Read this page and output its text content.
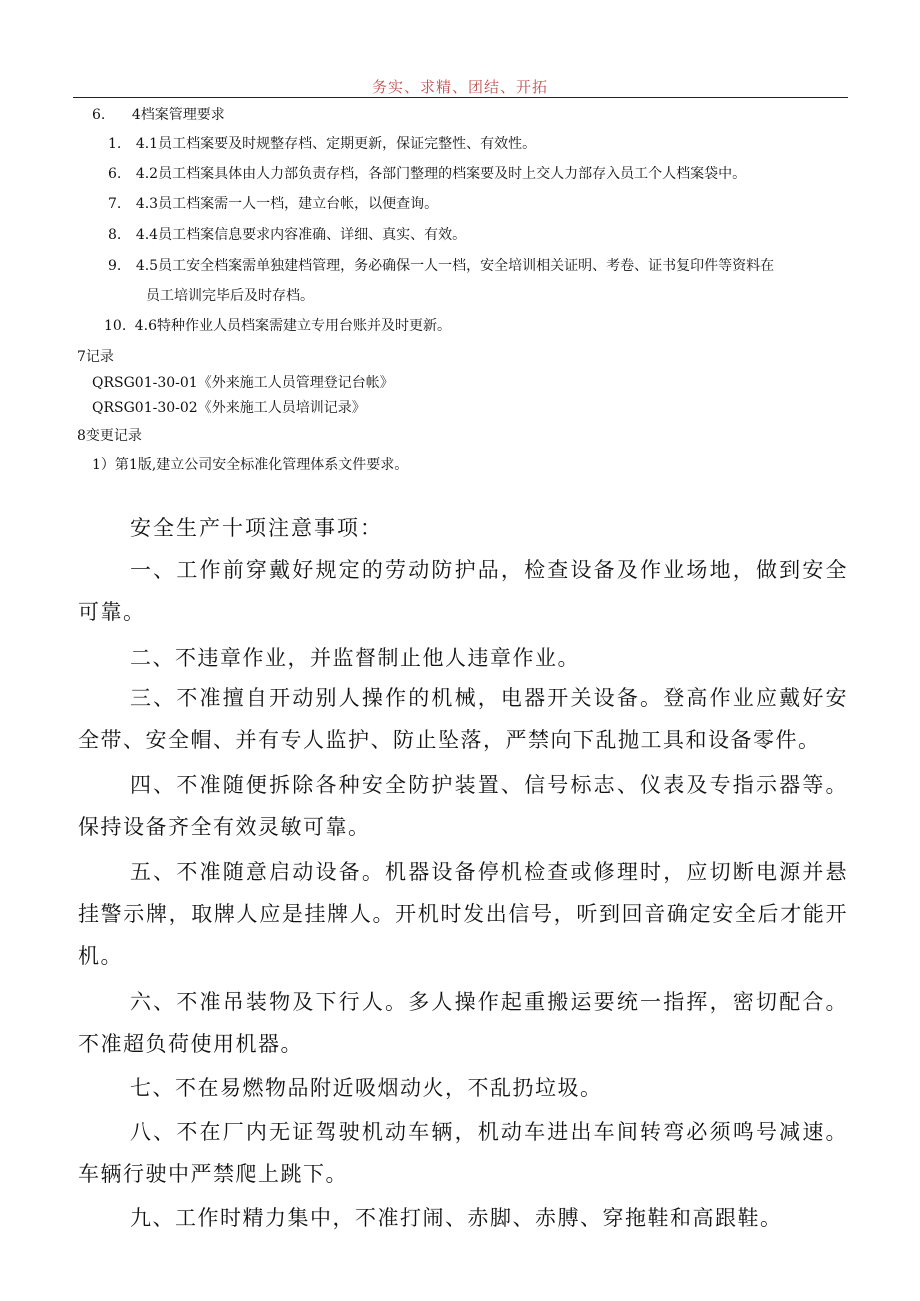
务实、求精、团结、开拓
6. 4档案管理要求
1. 4.1员工档案要及时规整存档、定期更新，保证完整性、有效性。
6. 4.2员工档案具体由人力部负责存档，各部门整理的档案要及时上交人力部存入员工个人档案袋中。
7. 4.3员工档案需一人一档，建立台帐，以便查询。
8. 4.4员工档案信息要求内容准确、详细、真实、有效。
9. 4.5员工安全档案需单独建档管理，务必确保一人一档，安全培训相关证明、考卷、证书复印件等资料在
员工培训完毕后及时存档。
10. 4.6特种作业人员档案需建立专用台账并及时更新。
7记录
QRSG01-30-01《外来施工人员管理登记台帐》
QRSG01-30-02《外来施工人员培训记录》
8变更记录
1）第1版,建立公司安全标准化管理体系文件要求。
安全生产十项注意事项：

一、工作前穿戴好规定的劳动防护品，检查设备及作业场地，做到安全可靠。

二、不违章作业，并监督制止他人违章作业。

三、不准擅自开动别人操作的机械，电器开关设备。登高作业应戴好安全带、安全帽、并有专人监护、防止坠落，严禁向下乱抛工具和设备零件。

四、不准随便拆除各种安全防护装置、信号标志、仪表及专指示器等。保持设备齐全有效灵敏可靠。

五、不准随意启动设备。机器设备停机检查或修理时，应切断电源并悬挂警示牌，取牌人应是挂牌人。开机时发出信号，听到回音确定安全后才能开机。

六、不准吊装物及下行人。多人操作起重搬运要统一指挥，密切配合。不准超负荷使用机器。

七、不在易燃物品附近吸烟动火，不乱扔垃圾。

八、不在厂内无证驾驶机动车辆，机动车进出车间转弯必须鸣号减速。车辆行驶中严禁爬上跳下。

九、工作时精力集中，不准打闹、赤脚、赤膊、穿拖鞋和高跟鞋。
